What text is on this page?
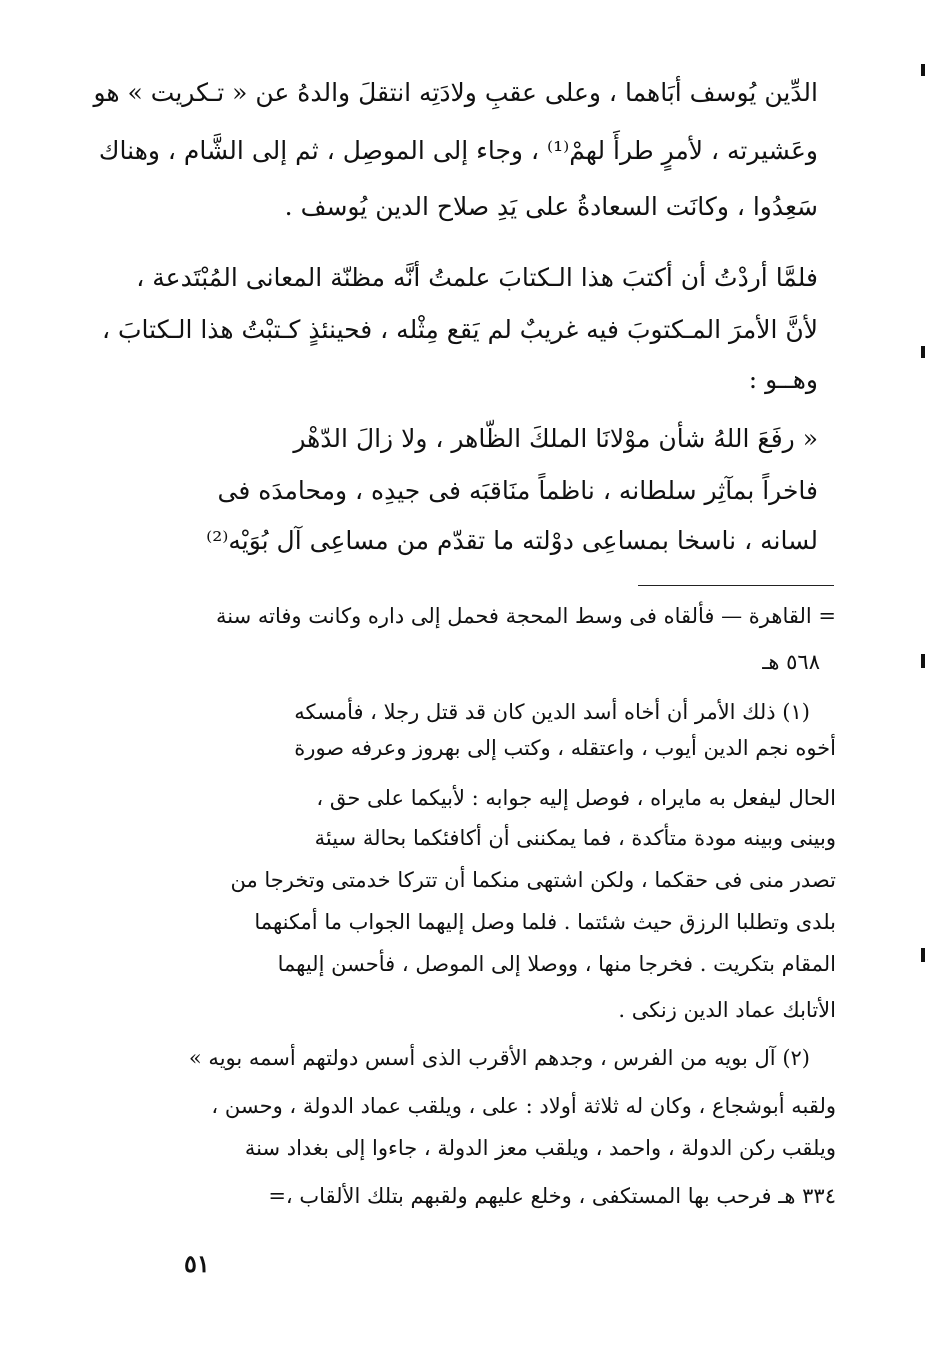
الدِّين يُوسف أبَاهما ، وعلى عقبِ ولادَتِه انتقلَ والدهُ عن « تـكريت » هو
وعَشيرته ، لأمرٍ طرأَ لهمْ⁽¹⁾ ، وجاء إلى الموصِل ، ثم إلى الشَّام ، وهناك
سَعِدُوا ، وكانَت السعادةُ على يَدِ صلاح الدين يُوسف .
فلمَّا أردْتُ أن أكتبَ هذا الـكتابَ علمتُ أنَّه مظنّة المعانى المُبْتَدعة ،
لأنَّ الأمرَ المـكتوبَ فيه غريبٌ لم يَقع مِثْله ، فحينئذٍ كـتبْتُ هذا الـكتابَ ،
وهــو :
« رفَعَ اللهُ شأن موْلانَا الملكَ الظّاهر ، ولا زالَ الدّهْر
فاخراً بمآثِر سلطانه ، ناظماً منَاقبَه فى جيدِه ، ومحامدَه فى
لسانه ، ناسخا بمساعِى دوْلته ما تقدّم من مساعِى آل بُوَيْه⁽²⁾
= القاهرة — فألقاه فى وسط المحجة فحمل إلى داره وكانت وفاته سنة
٥٦٨ هـ
(١) ذلك الأمر أن أخاه أسد الدين كان قد قتل رجلا ، فأمسكه
أخوه نجم الدين أيوب ، واعتقله ، وكتب إلى بهروز وعرفه صورة
الحال ليفعل به مايراه ، فوصل إليه جوابه : لأبيكما على حق ،
وبينى وبينه مودة متأكدة ، فما يمكننى أن أكافئكما بحالة سيئة
تصدر منى فى حقكما ، ولكن اشتهى منكما أن تتركا خدمتى وتخرجا من
بلدى وتطلبا الرزق حيث شئتما . فلما وصل إليهما الجواب ما أمكنهما
المقام بتكريت . فخرجا منها ، ووصلا إلى الموصل ، فأحسن إليهما
الأتابك عماد الدين زنكى .
(٢) آل بويه من الفرس ، وجدهم الأقرب الذى أسس دولتهم أسمه بويه »
ولقبه أبوشجاع ، وكان له ثلاثة أولاد : على ، ويلقب عماد الدولة ، وحسن ،
ويلقب ركن الدولة ، واحمد ، ويلقب معز الدولة ، جاءوا إلى بغداد سنة
٣٣٤ هـ فرحب بها المستكفى ، وخلع عليهم ولقبهم بتلك الألقاب ،=
٥١
